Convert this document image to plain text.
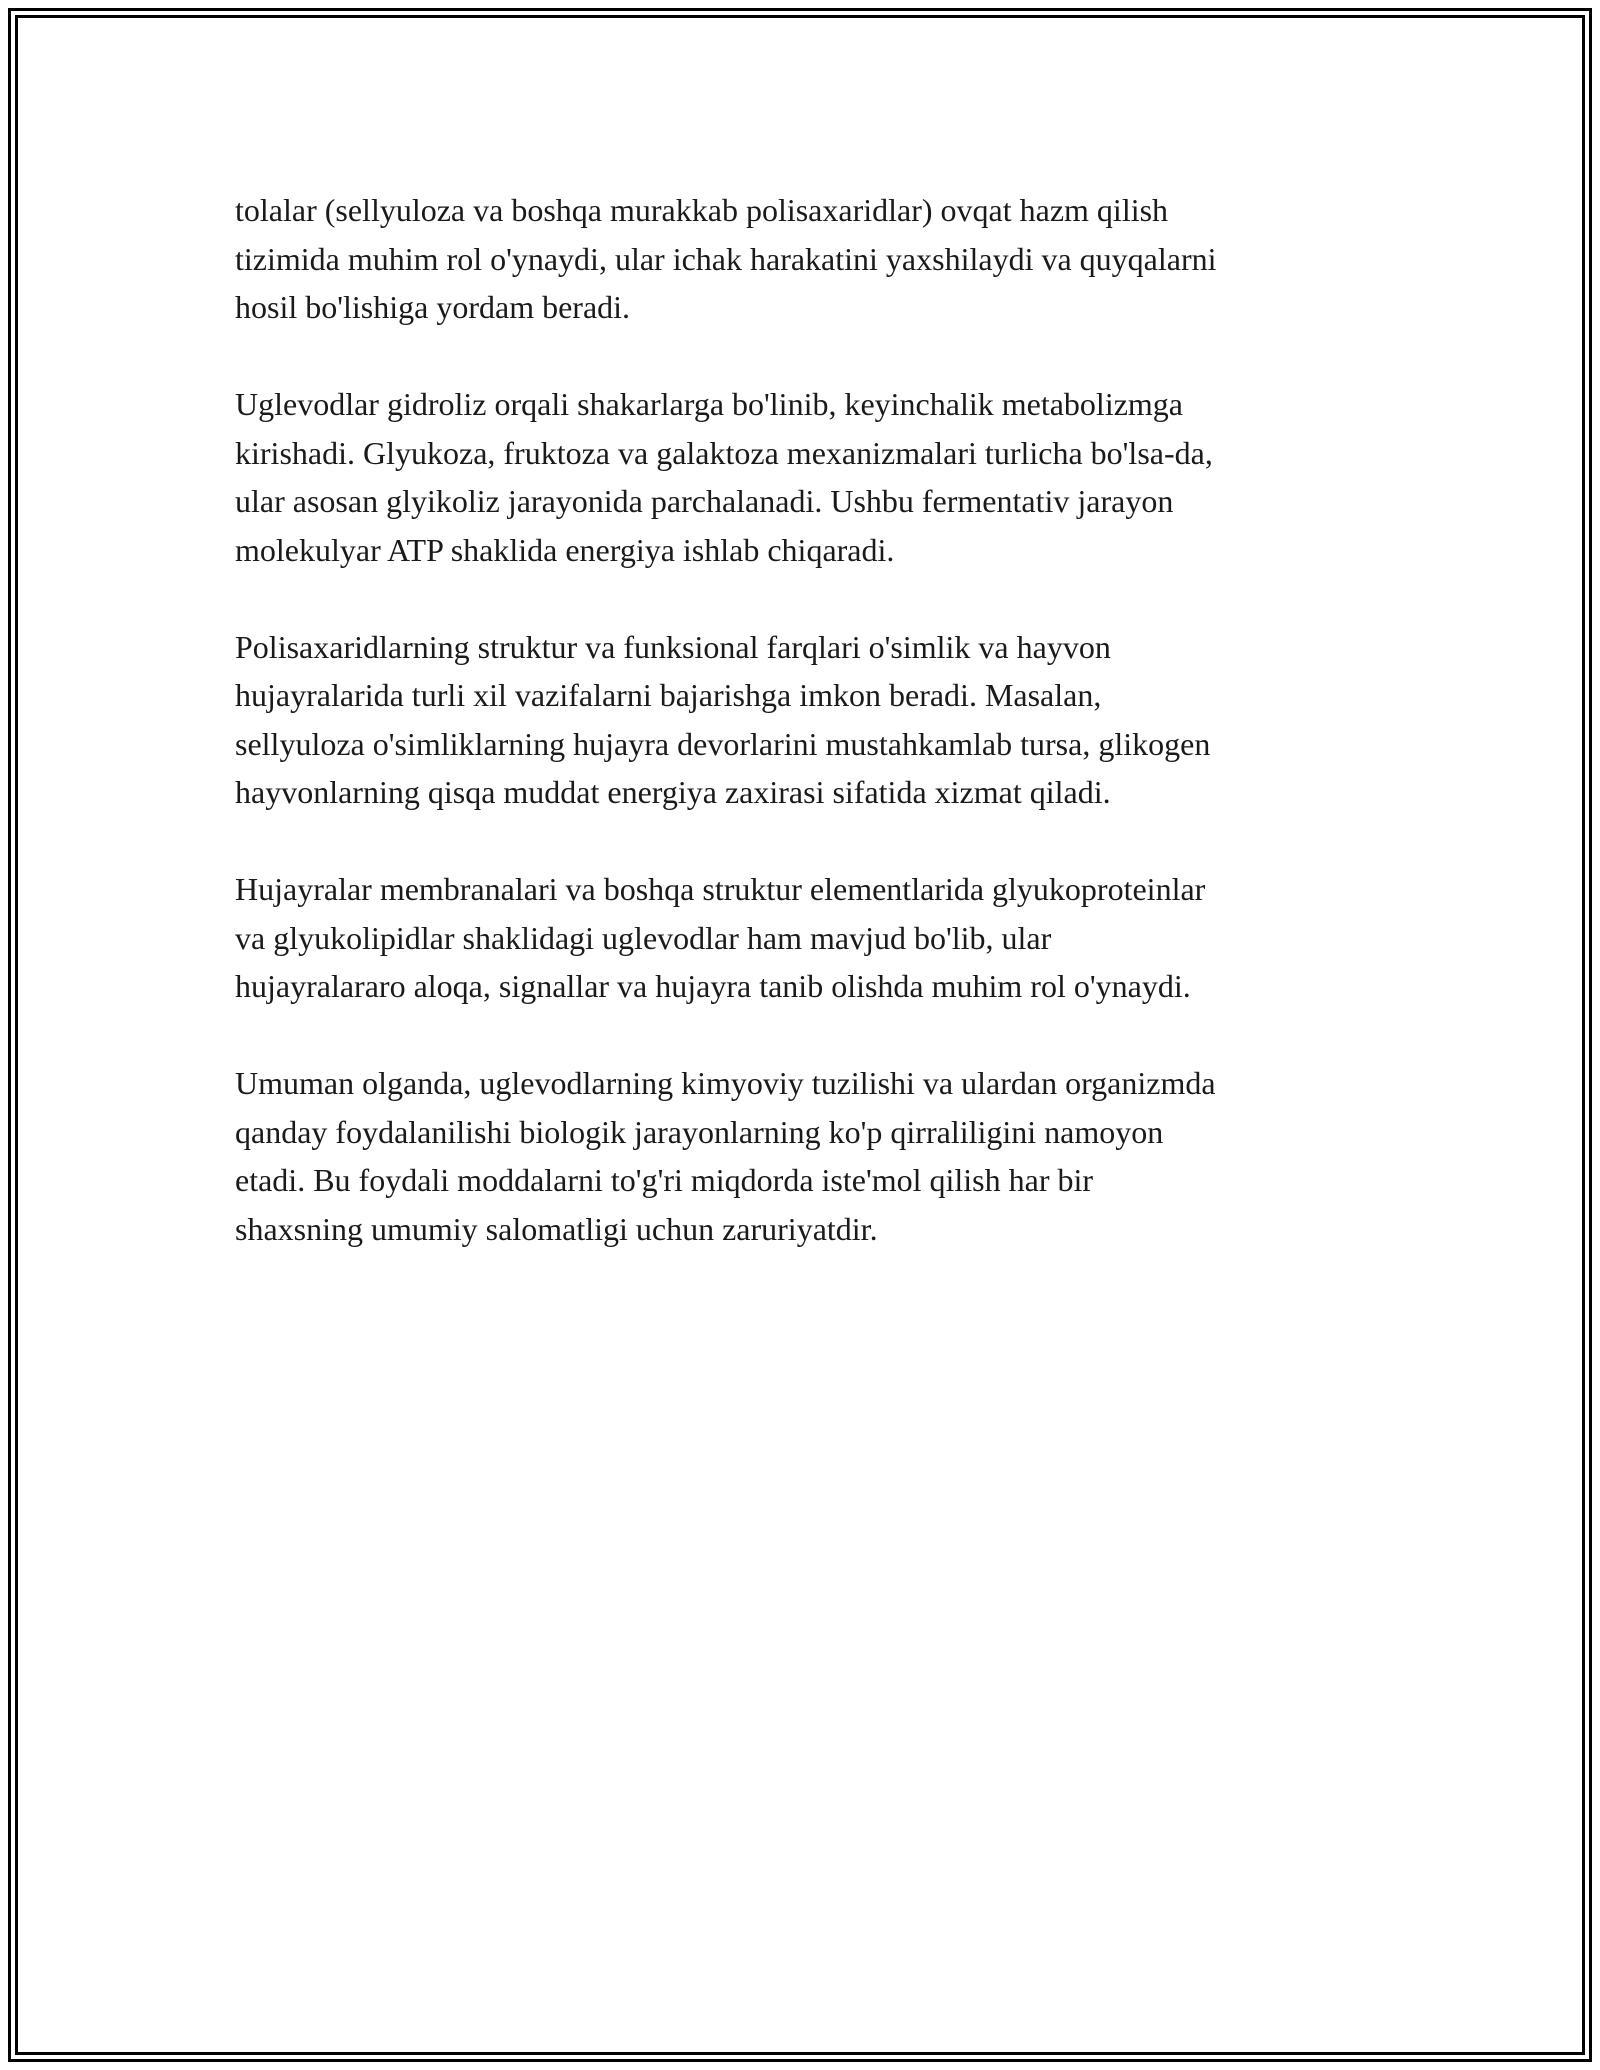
tolalar (sellyuloza va boshqa murakkab polisaxaridlar) ovqat hazm qilish
tizimida muhim rol o'ynaydi, ular ichak harakatini yaxshilaydi va quyqalarni
hosil bo'lishiga yordam beradi.

Uglevodlar gidroliz orqali shakarlarga bo'linib, keyinchalik metabolizmga
kirishadi. Glyukoza, fruktoza va galaktoza mexanizmalari turlicha bo'lsa-da,
ular asosan glyikoliz jarayonida parchalanadi. Ushbu fermentativ jarayon
molekulyar ATP shaklida energiya ishlab chiqaradi.

Polisaxaridlarning struktur va funksional farqlari o'simlik va hayvon
hujayralarida turli xil vazifalarni bajarishga imkon beradi. Masalan,
sellyuloza o'simliklarning hujayra devorlarini mustahkamlab tursa, glikogen
hayvonlarning qisqa muddat energiya zaxirasi sifatida xizmat qiladi.

Hujayralar membranalari va boshqa struktur elementlarida glyukoproteinlar
va glyukolipidlar shaklidagi uglevodlar ham mavjud bo'lib, ular
hujayralararo aloqa, signallar va hujayra tanib olishda muhim rol o'ynaydi.

Umuman olganda, uglevodlarning kimyoviy tuzilishi va ulardan organizmda
qanday foydalanilishi biologik jarayonlarning ko'p qirraliligini namoyon
etadi. Bu foydali moddalarni to'g'ri miqdorda iste'mol qilish har bir
shaxsning umumiy salomatligi uchun zaruriyatdir.
